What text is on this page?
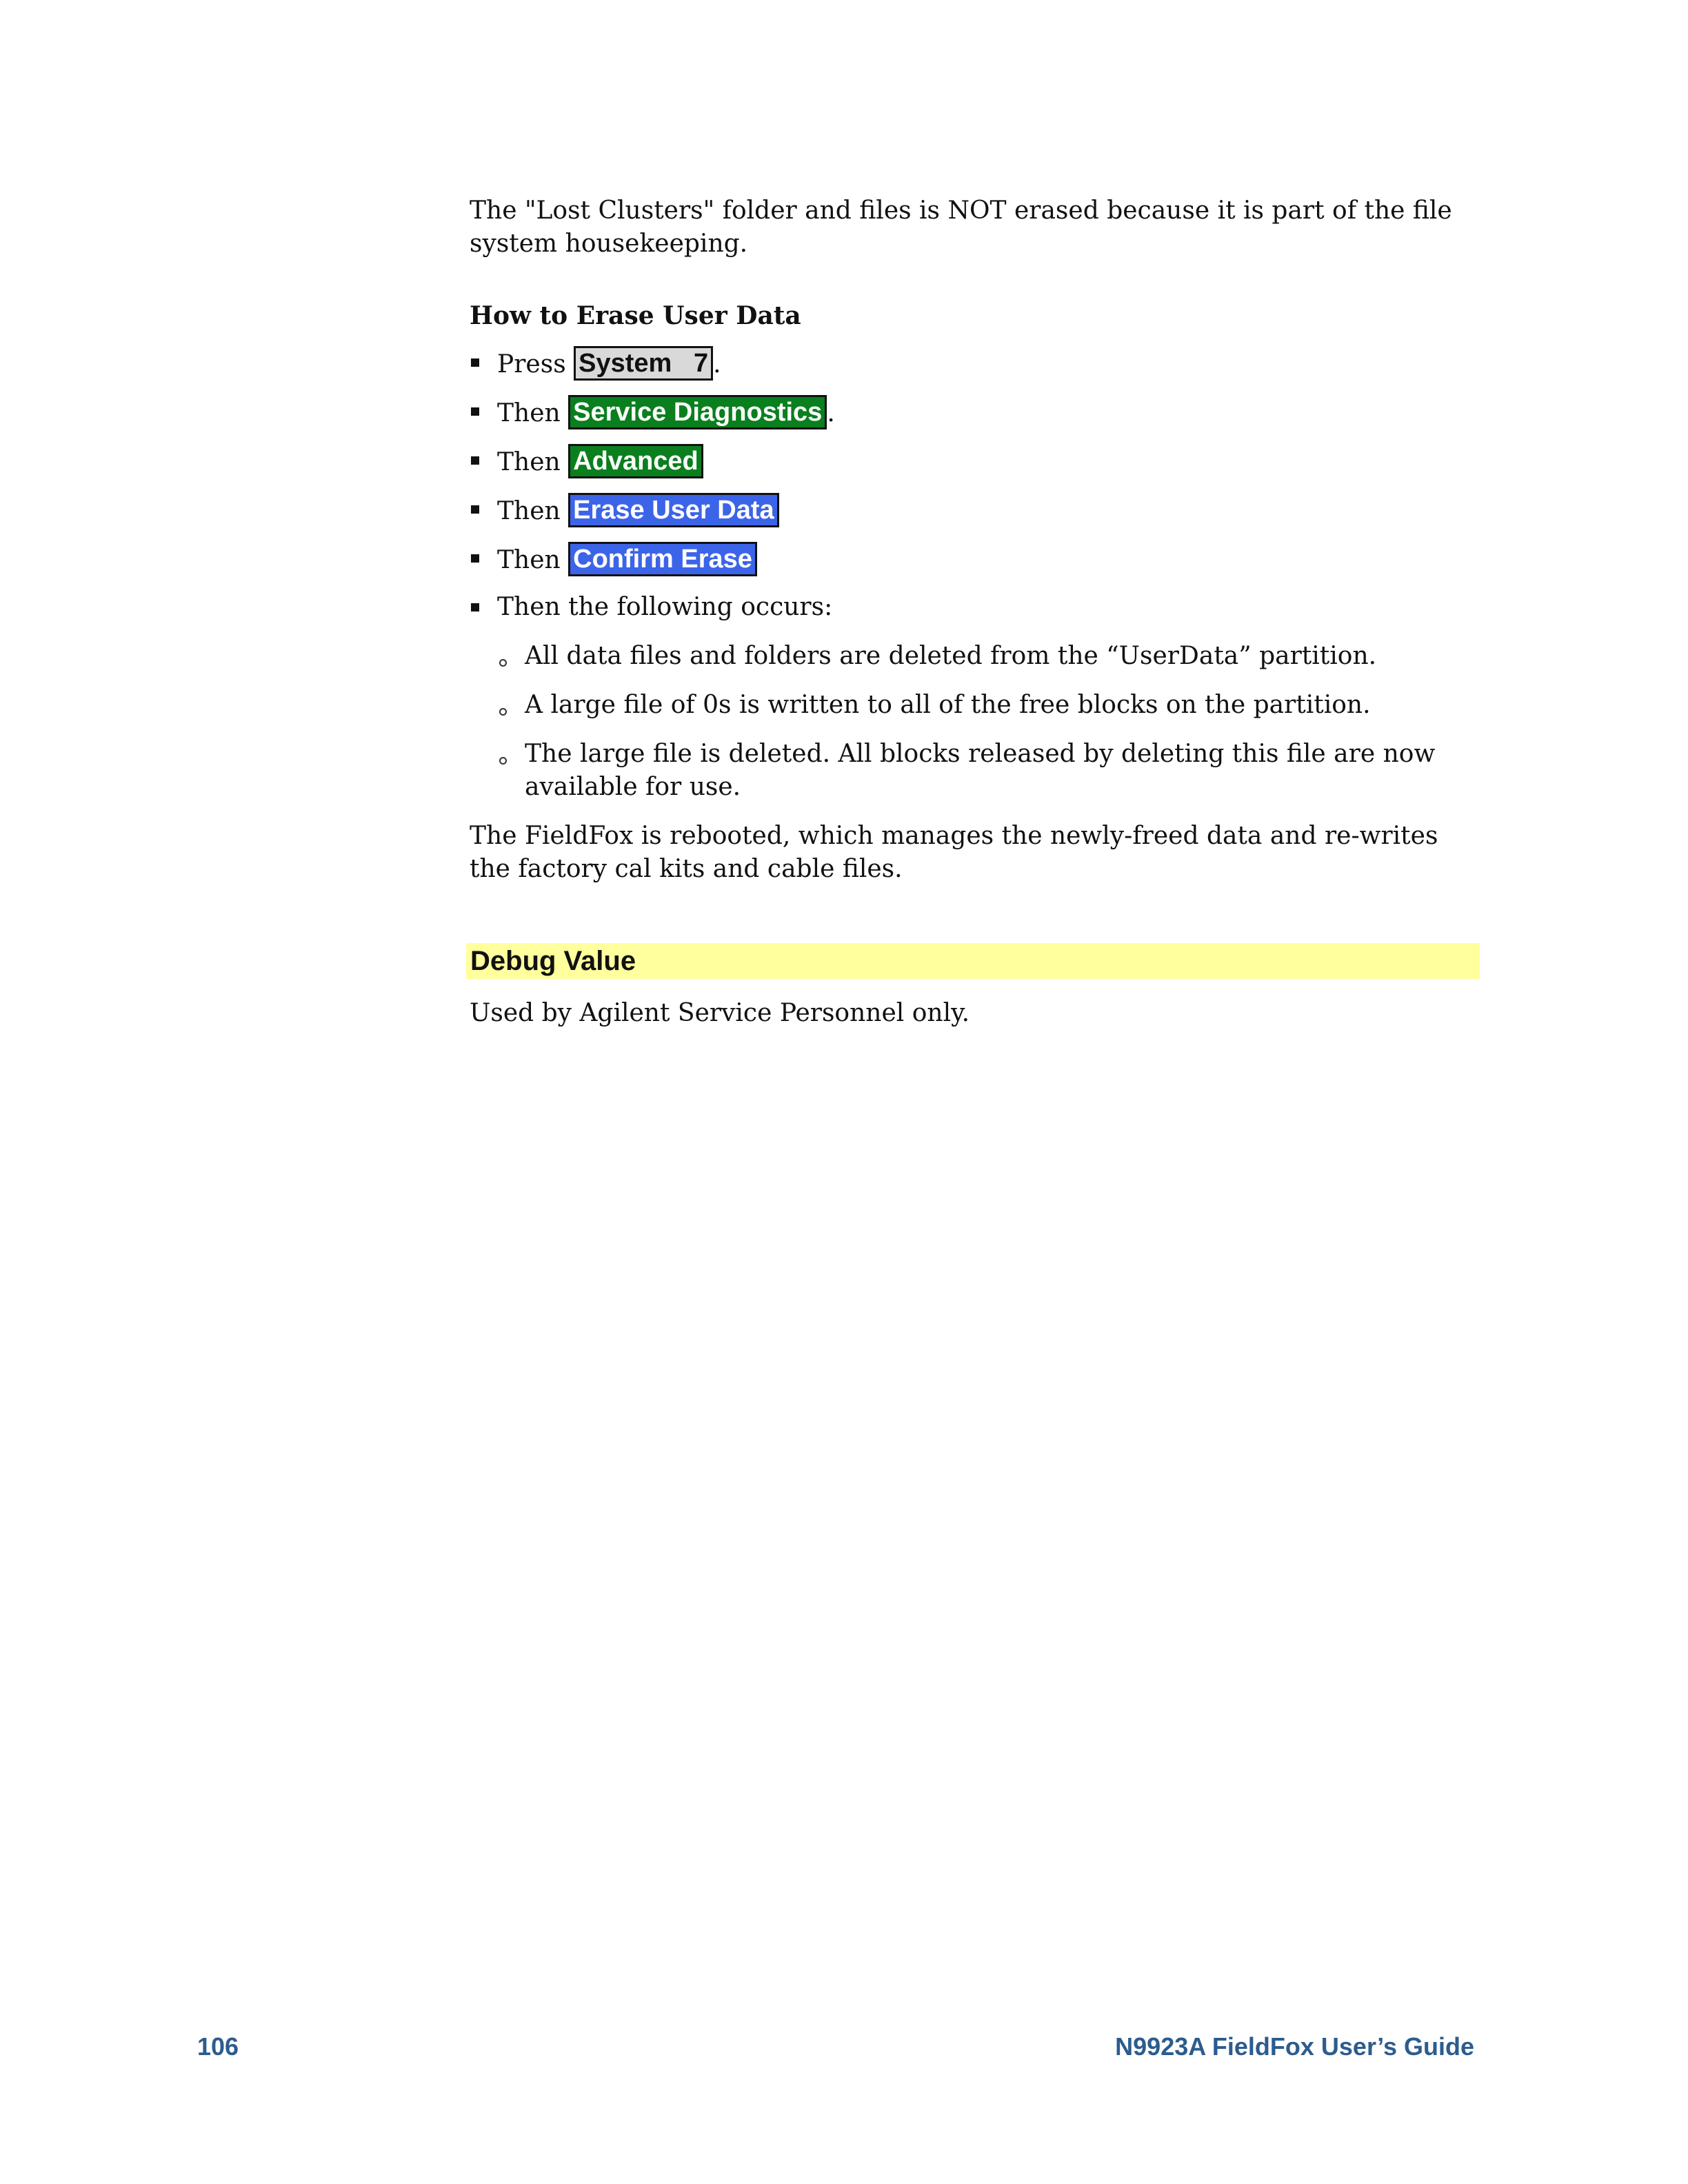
The "Lost Clusters" folder and files is NOT erased because it is part of the file system housekeeping.

How to Erase User Data

Press System   7 .
Then Service Diagnostics .
Then Advanced
Then Erase User Data
Then Confirm Erase
Then the following occurs:
All data files and folders are deleted from the “UserData” partition.
A large file of 0s is written to all of the free blocks on the partition.
The large file is deleted. All blocks released by deleting this file are now available for use.

The FieldFox is rebooted, which manages the newly-freed data and re-writes the factory cal kits and cable files.

Debug Value

Used by Agilent Service Personnel only.

106	N9923A FieldFox User’s Guide
